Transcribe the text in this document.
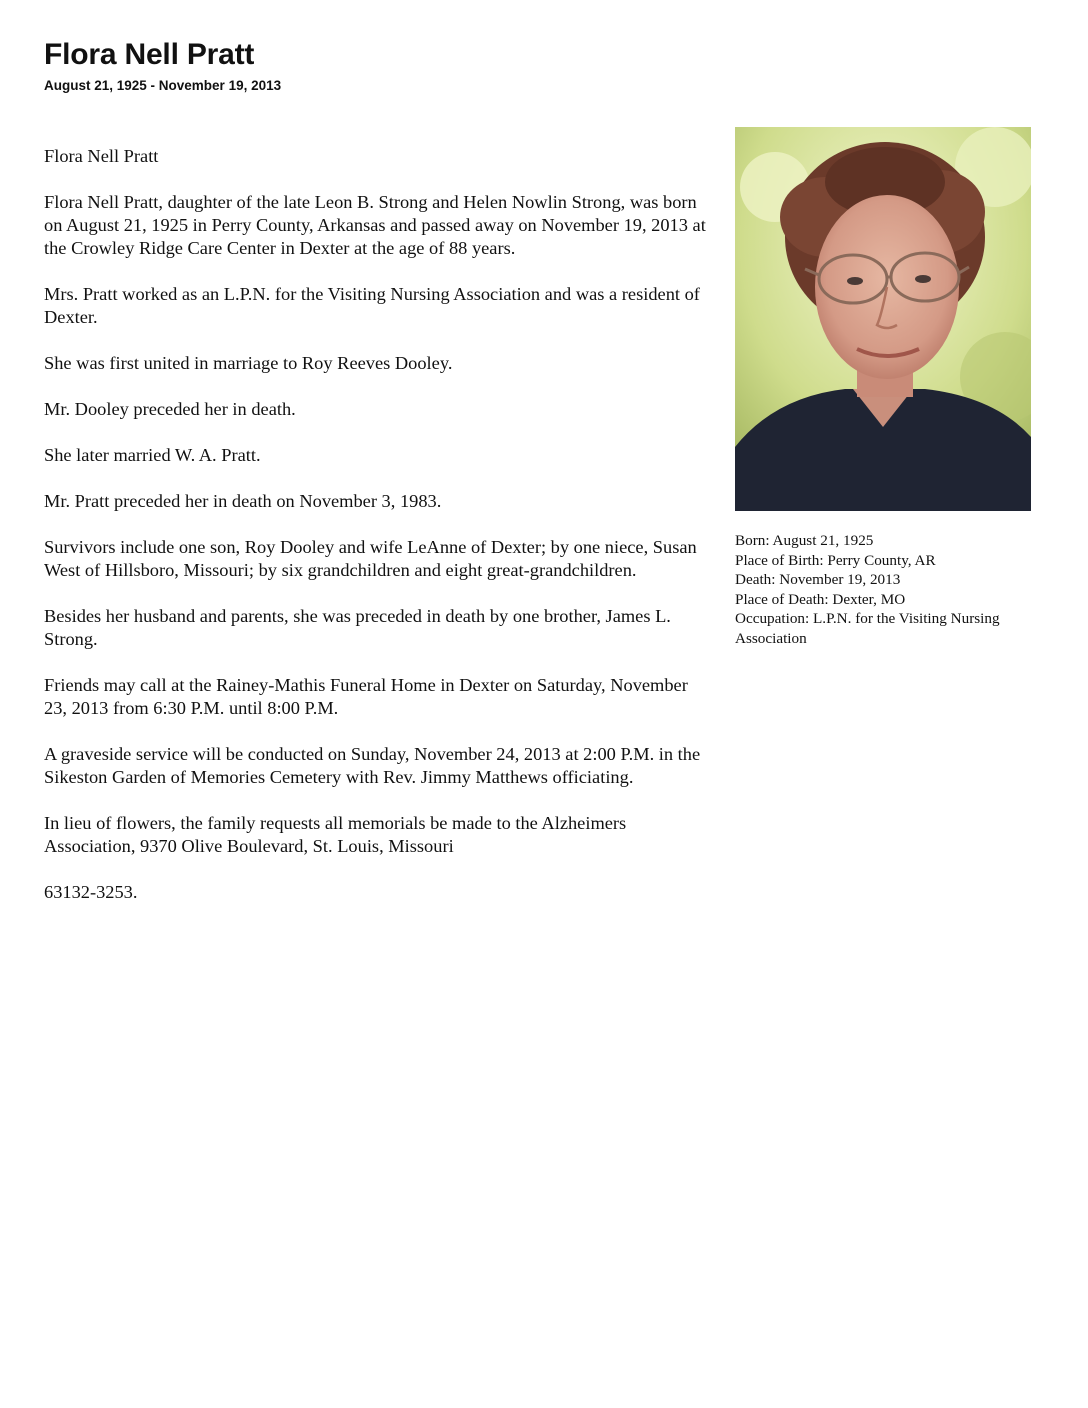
Flora Nell Pratt
August 21, 1925 - November 19, 2013

Flora Nell Pratt

Flora Nell Pratt, daughter of the late Leon B. Strong and Helen Nowlin Strong, was born on August 21, 1925 in Perry County, Arkansas and passed away on November 19, 2013 at the Crowley Ridge Care Center in Dexter at the age of 88 years.

Mrs. Pratt worked as an L.P.N. for the Visiting Nursing Association and was a resident of Dexter.

She was first united in marriage to Roy Reeves Dooley.

Mr. Dooley preceded her in death.

She later married W. A. Pratt.

Mr. Pratt preceded her in death on November 3, 1983.

Survivors include one son, Roy Dooley and wife LeAnne of Dexter; by one niece, Susan West of Hillsboro, Missouri; by six grandchildren and eight great-grandchildren.

Besides her husband and parents, she was preceded in death by one brother, James L. Strong.

Friends may call at the Rainey-Mathis Funeral Home in Dexter on Saturday, November 23, 2013 from 6:30 P.M. until 8:00 P.M.

A graveside service will be conducted on Sunday, November 24, 2013 at 2:00 P.M. in the Sikeston Garden of Memories Cemetery with Rev. Jimmy Matthews officiating.

In lieu of flowers, the family requests all memorials be made to the Alzheimers Association, 9370 Olive Boulevard, St. Louis, Missouri

63132-3253.

Born: August 21, 1925
Place of Birth: Perry County, AR
Death: November 19, 2013
Place of Death: Dexter, MO
Occupation: L.P.N. for the Visiting Nursing Association
